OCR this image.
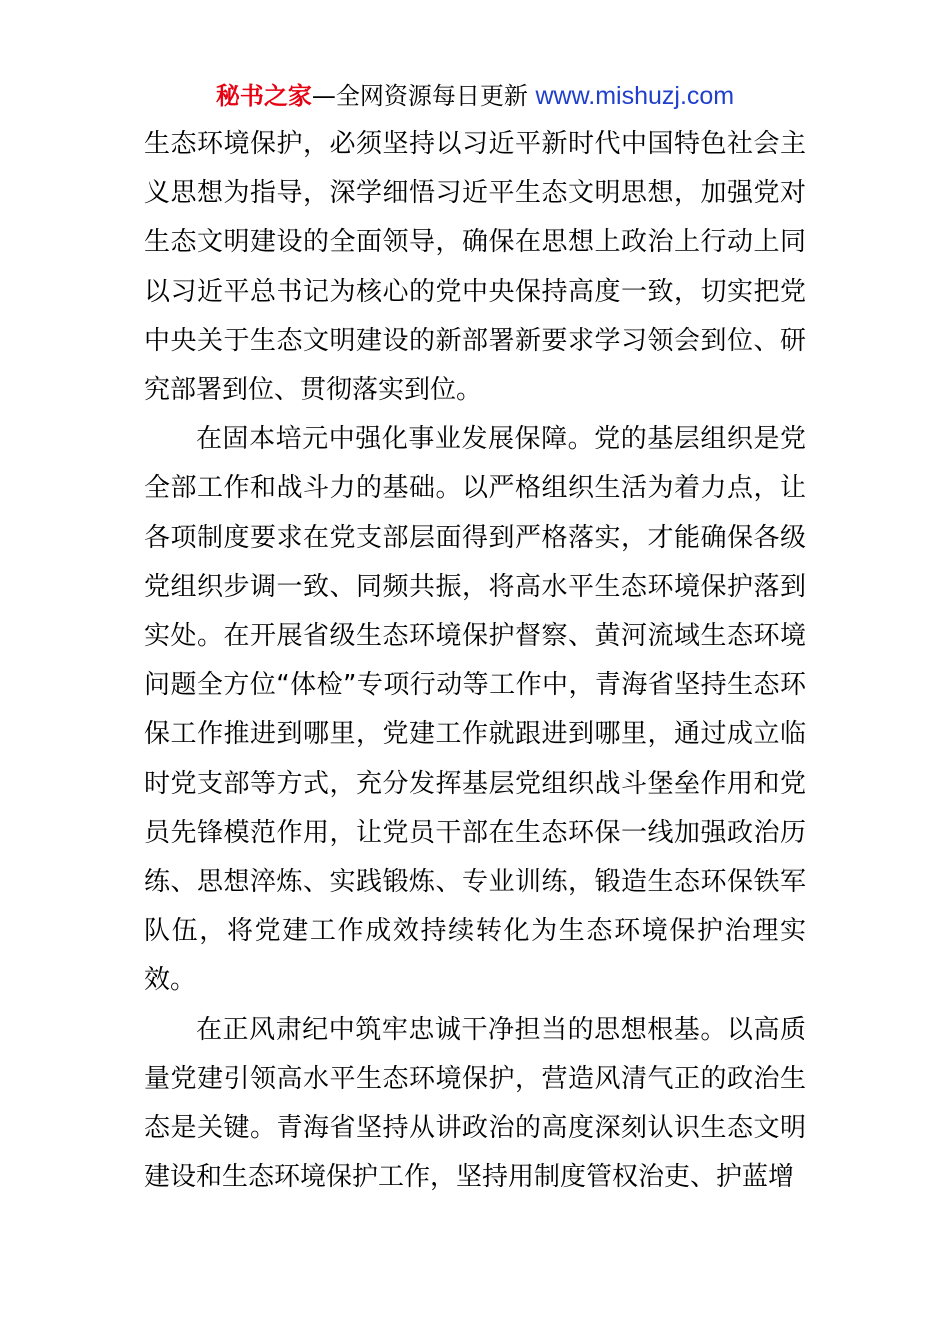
秘书之家—全网资源每日更新 www.mishuzj.com

生态环境保护，必须坚持以习近平新时代中国特色社会主义思想为指导，深学细悟习近平生态文明思想，加强党对生态文明建设的全面领导，确保在思想上政治上行动上同以习近平总书记为核心的党中央保持高度一致，切实把党中央关于生态文明建设的新部署新要求学习领会到位、研究部署到位、贯彻落实到位。

在固本培元中强化事业发展保障。党的基层组织是党全部工作和战斗力的基础。以严格组织生活为着力点，让各项制度要求在党支部层面得到严格落实，才能确保各级党组织步调一致、同频共振，将高水平生态环境保护落到实处。在开展省级生态环境保护督察、黄河流域生态环境问题全方位“体检”专项行动等工作中，青海省坚持生态环保工作推进到哪里，党建工作就跟进到哪里，通过成立临时党支部等方式，充分发挥基层党组织战斗堡垒作用和党员先锋模范作用，让党员干部在生态环保一线加强政治历练、思想淬炼、实践锻炼、专业训练，锻造生态环保铁军队伍，将党建工作成效持续转化为生态环境保护治理实效。

在正风肃纪中筑牢忠诚干净担当的思想根基。以高质量党建引领高水平生态环境保护，营造风清气正的政治生态是关键。青海省坚持从讲政治的高度深刻认识生态文明建设和生态环境保护工作，坚持用制度管权治吏、护蓝增
